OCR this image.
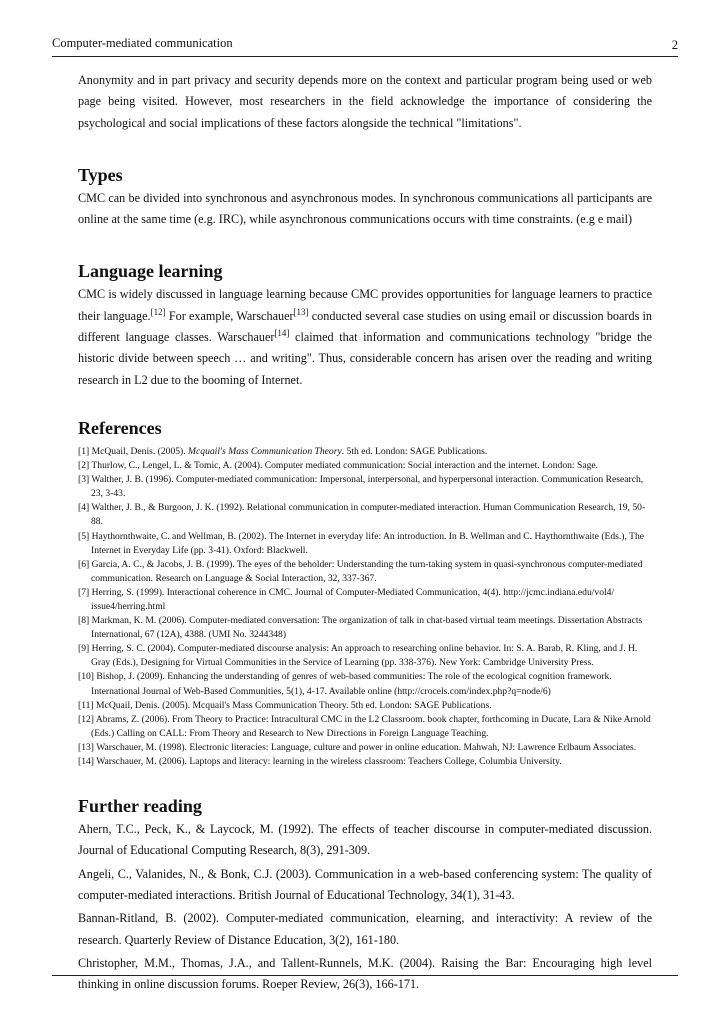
Computer-mediated communication	2

Anonymity and in part privacy and security depends more on the context and particular program being used or web page being visited. However, most researchers in the field acknowledge the importance of considering the psychological and social implications of these factors alongside the technical "limitations".

Types

CMC can be divided into synchronous and asynchronous modes. In synchronous communications all participants are online at the same time (e.g. IRC), while asynchronous communications occurs with time constraints. (e.g e mail)

Language learning

CMC is widely discussed in language learning because CMC provides opportunities for language learners to practice their language.[12] For example, Warschauer[13] conducted several case studies on using email or discussion boards in different language classes. Warschauer[14] claimed that information and communications technology "bridge the historic divide between speech … and writing". Thus, considerable concern has arisen over the reading and writing research in L2 due to the booming of Internet.

References
[1] McQuail, Denis. (2005). Mcquail's Mass Communication Theory. 5th ed. London: SAGE Publications.
[2] Thurlow, C., Lengel, L. & Tomic, A. (2004). Computer mediated communication: Social interaction and the internet. London: Sage.
[3] Walther, J. B. (1996). Computer-mediated communication: Impersonal, interpersonal, and hyperpersonal interaction. Communication Research, 23, 3-43.
[4] Walther, J. B., & Burgoon, J. K. (1992). Relational communication in computer-mediated interaction. Human Communication Research, 19, 50-88.
[5] Haythornthwaite, C. and Wellman, B. (2002). The Internet in everyday life: An introduction. In B. Wellman and C. Haythornthwaite (Eds.), The Internet in Everyday Life (pp. 3-41). Oxford: Blackwell.
[6] Garcia, A. C., & Jacobs, J. B. (1999). The eyes of the beholder: Understanding the turn-taking system in quasi-synchronous computer-mediated communication. Research on Language & Social Interaction, 32, 337-367.
[7] Herring, S. (1999). Interactional coherence in CMC. Journal of Computer-Mediated Communication, 4(4). http://jcmc.indiana.edu/vol4/ issue4/herring.html
[8] Markman, K. M. (2006). Computer-mediated conversation: The organization of talk in chat-based virtual team meetings. Dissertation Abstracts International, 67 (12A), 4388. (UMI No. 3244348)
[9] Herring, S. C. (2004). Computer-mediated discourse analysis: An approach to researching online behavior. In: S. A. Barab, R. Kling, and J. H. Gray (Eds.), Designing for Virtual Communities in the Service of Learning (pp. 338-376). New York: Cambridge University Press.
[10] Bishop, J. (2009). Enhancing the understanding of genres of web-based communities: The role of the ecological cognition framework. International Journal of Web-Based Communities, 5(1), 4-17. Available online (http://crocels.com/index.php?q=node/6)
[11] McQuail, Denis. (2005). Mcquail's Mass Communication Theory. 5th ed. London: SAGE Publications.
[12] Abrams, Z. (2006). From Theory to Practice: Intracultural CMC in the L2 Classroom. book chapter, forthcoming in Ducate, Lara & Nike Arnold (Eds.) Calling on CALL: From Theory and Research to New Directions in Foreign Language Teaching.
[13] Warschauer, M. (1998). Electronic literacies: Language, culture and power in online education. Mahwah, NJ: Lawrence Erlbaum Associates.
[14] Warschauer, M. (2006). Laptops and literacy: learning in the wireless classroom: Teachers College, Columbia University.
Further reading

Ahern, T.C., Peck, K., & Laycock, M. (1992). The effects of teacher discourse in computer-mediated discussion. Journal of Educational Computing Research, 8(3), 291-309.

Angeli, C., Valanides, N., & Bonk, C.J. (2003). Communication in a web-based conferencing system: The quality of computer-mediated interactions. British Journal of Educational Technology, 34(1), 31-43.

Bannan-Ritland, B. (2002). Computer-mediated communication, elearning, and interactivity: A review of the research. Quarterly Review of Distance Education, 3(2), 161-180.

Christopher, M.M., Thomas, J.A., and Tallent-Runnels, M.K. (2004). Raising the Bar: Encouraging high level thinking in online discussion forums. Roeper Review, 26(3), 166-171.
